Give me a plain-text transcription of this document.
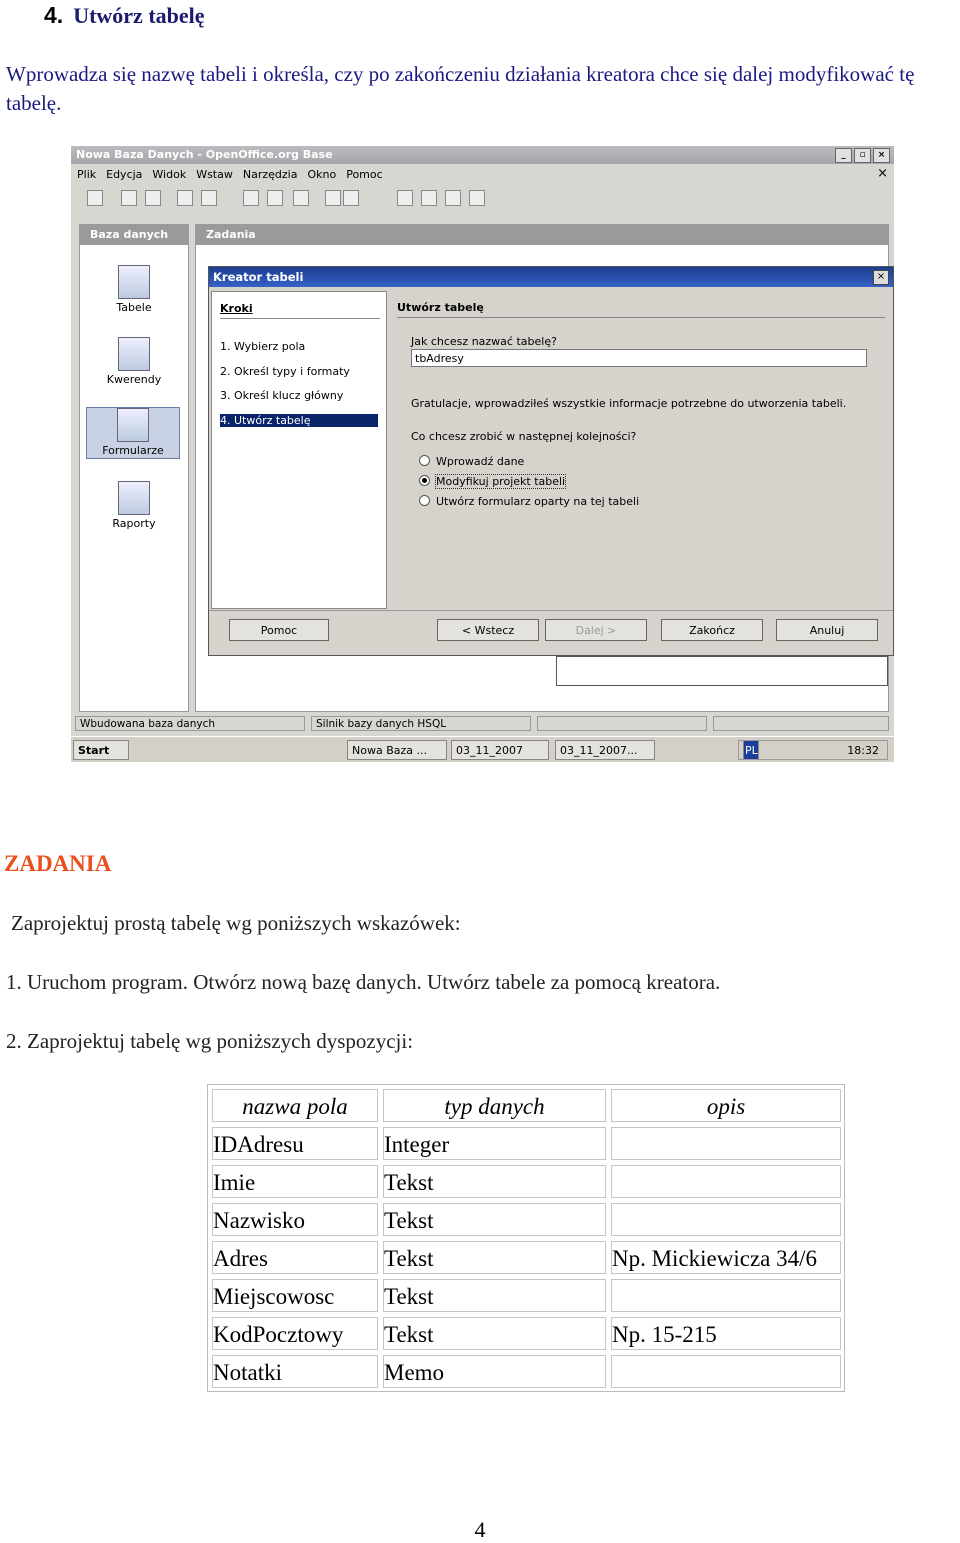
4. Utwórz tabelę
Wprowadza się nazwę tabeli i określa, czy po zakończeniu działania kreatora chce się dalej modyfikować tę tabelę.
Nowa Baza Danych - OpenOffice.org Base	_	▫	×
Plik Edycja Widok Wstaw Narzędzia Okno Pomoc	×
Baza danych
Tabele
Kwerendy
Formularze
Raporty
Zadania
Kreator tabeli	×
Kroki
1. Wybierz pola
2. Określ typy i formaty
3. Określ klucz główny
4. Utwórz tabelę
Utwórz tabelę
Jak chcesz nazwać tabelę?
tbAdresy
Gratulacje, wprowadziłeś wszystkie informacje potrzebne do utworzenia tabeli.
Co chcesz zrobić w następnej kolejności?
Wprowadź dane
Modyfikuj projekt tabeli
Utwórz formularz oparty na tej tabeli
Pomoc	< Wstecz	Dalej >	Zakończ	Anuluj
Wbudowana baza danych	Silnik bazy danych HSQL
Start	Nowa Baza ...	03_11_2007	03_11_2007...	PL	18:32
ZADANIA
Zaprojektuj prostą tabelę wg poniższych wskazówek:
1. Uruchom program. Otwórz nową bazę danych. Utwórz tabele za pomocą kreatora.
2. Zaprojektuj tabelę wg poniższych dyspozycji:
nazwa pola	typ danych	opis
IDAdresu	Integer
Imie	Tekst
Nazwisko	Tekst
Adres	Tekst	Np. Mickiewicza 34/6
Miejscowosc	Tekst
KodPocztowy	Tekst	Np. 15-215
Notatki	Memo
4
